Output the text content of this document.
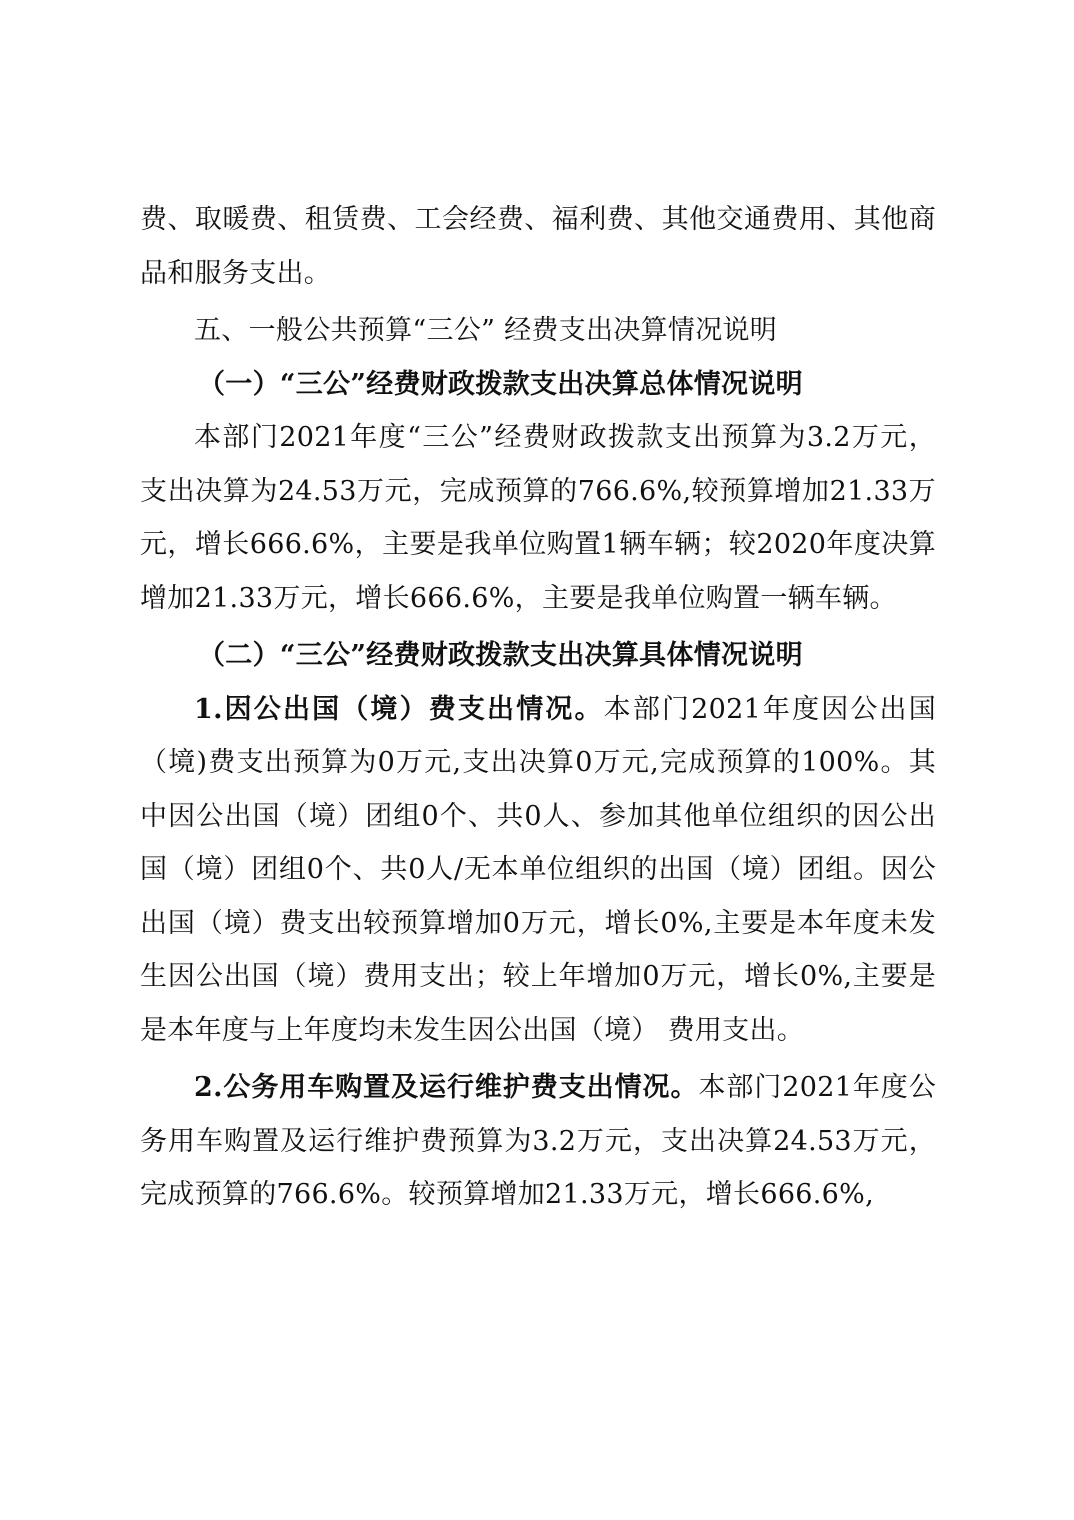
费、取暖费、租赁费、工会经费、福利费、其他交通费用、其他商品和服务支出。

五、一般公共预算“三公” 经费支出决算情况说明

（一）“三公”经费财政拨款支出决算总体情况说明

本部门2021年度“三公”经费财政拨款支出预算为3.2万元，支出决算为24.53万元，完成预算的766.6%,较预算增加21.33万元，增长666.6%，主要是我单位购置1辆车辆；较2020年度决算增加21.33万元，增长666.6%，主要是我单位购置一辆车辆。

（二）“三公”经费财政拨款支出决算具体情况说明

1.因公出国（境）费支出情况。本部门2021年度因公出国（境)费支出预算为0万元,支出决算0万元,完成预算的100%。其中因公出国（境）团组0个、共0人、参加其他单位组织的因公出国（境）团组0个、共0人/无本单位组织的出国（境）团组。因公出国（境）费支出较预算增加0万元，增长0%,主要是本年度未发生因公出国（境）费用支出；较上年增加0万元，增长0%,主要是是本年度与上年度均未发生因公出国（境） 费用支出。

2.公务用车购置及运行维护费支出情况。本部门2021年度公务用车购置及运行维护费预算为3.2万元，支出决算24.53万元，完成预算的766.6%。较预算增加21.33万元，增长666.6%,
